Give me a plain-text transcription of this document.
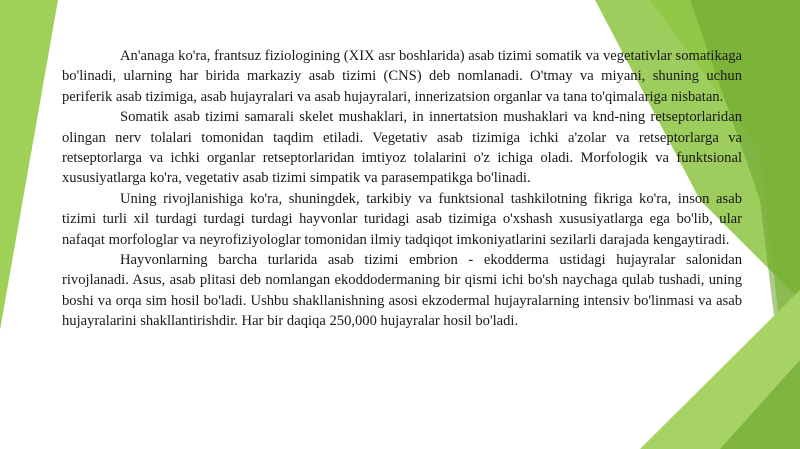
An'anaga ko'ra, frantsuz fiziologining (XIX asr boshlarida) asab tizimi somatik va vegetativlar somatikaga bo'linadi, ularning har birida markaziy asab tizimi (CNS) deb nomlanadi. O'tmay va miyani, shuning uchun periferik asab tizimiga, asab hujayralari va asab hujayralari, innerizatsion organlar va tana to'qimalariga nisbatan.

Somatik asab tizimi samarali skelet mushaklari, in innertatsion mushaklari va knd-ning retseptorlaridan olingan nerv tolalari tomonidan taqdim etiladi. Vegetativ asab tizimiga ichki a'zolar va retseptorlarga va retseptorlarga va ichki organlar retseptorlaridan imtiyoz tolalarini o'z ichiga oladi. Morfologik va funktsional xususiyatlarga ko'ra, vegetativ asab tizimi simpatik va parasempatikga bo'linadi.

Uning rivojlanishiga ko'ra, shuningdek, tarkibiy va funktsional tashkilotning fikriga ko'ra, inson asab tizimi turli xil turdagi turdagi turdagi hayvonlar turidagi asab tizimiga o'xshash xususiyatlarga ega bo'lib, ular nafaqat morfologlar va neyrofiziyologlar tomonidan ilmiy tadqiqot imkoniyatlarini sezilarli darajada kengaytiradi.

Hayvonlarning barcha turlarida asab tizimi embrion - ekodderma ustidagi hujayralar salonidan rivojlanadi. Asus, asab plitasi deb nomlangan ekoddodermaning bir qismi ichi bo'sh naychaga qulab tushadi, uning boshi va orqa sim hosil bo'ladi. Ushbu shakllanishning asosi ekzodermal hujayralarning intensiv bo'linmasi va asab hujayralarini shakllantirishdir. Har bir daqiqa 250,000 hujayralar hosil bo'ladi.
